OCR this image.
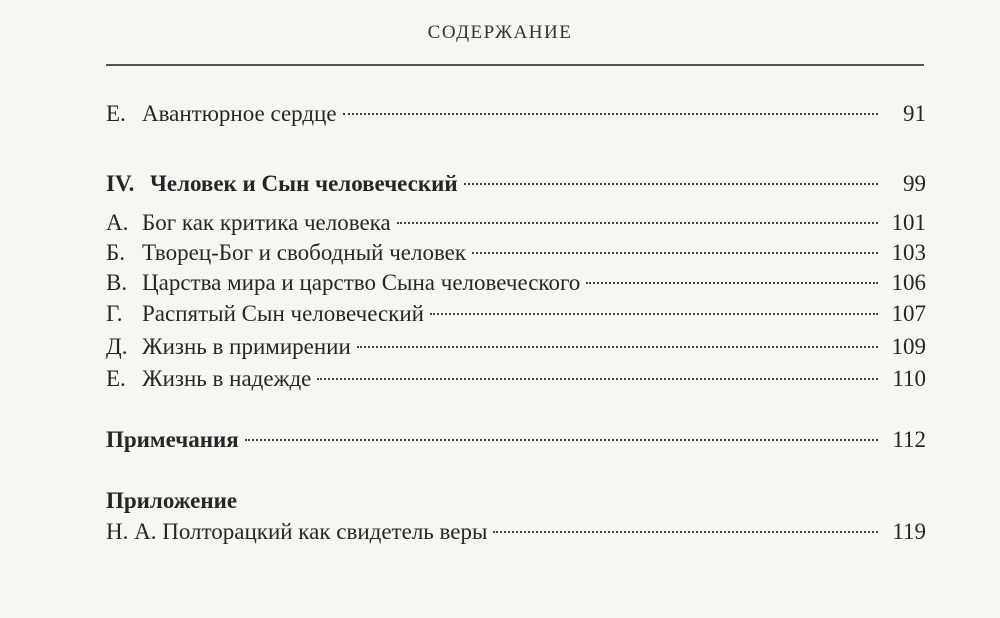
СОДЕРЖАНИЕ
Е. Авантюрное сердце	91
IV. Человек и Сын человеческий	99
А. Бог как критика человека	101
Б. Творец-Бог и свободный человек	103
В. Царства мира и царство Сына человеческого	106
Г. Распятый Сын человеческий	107
Д. Жизнь в примирении	109
Е. Жизнь в надежде	110
Примечания	112
Приложение
Н. А. Полторацкий как свидетель веры	119
